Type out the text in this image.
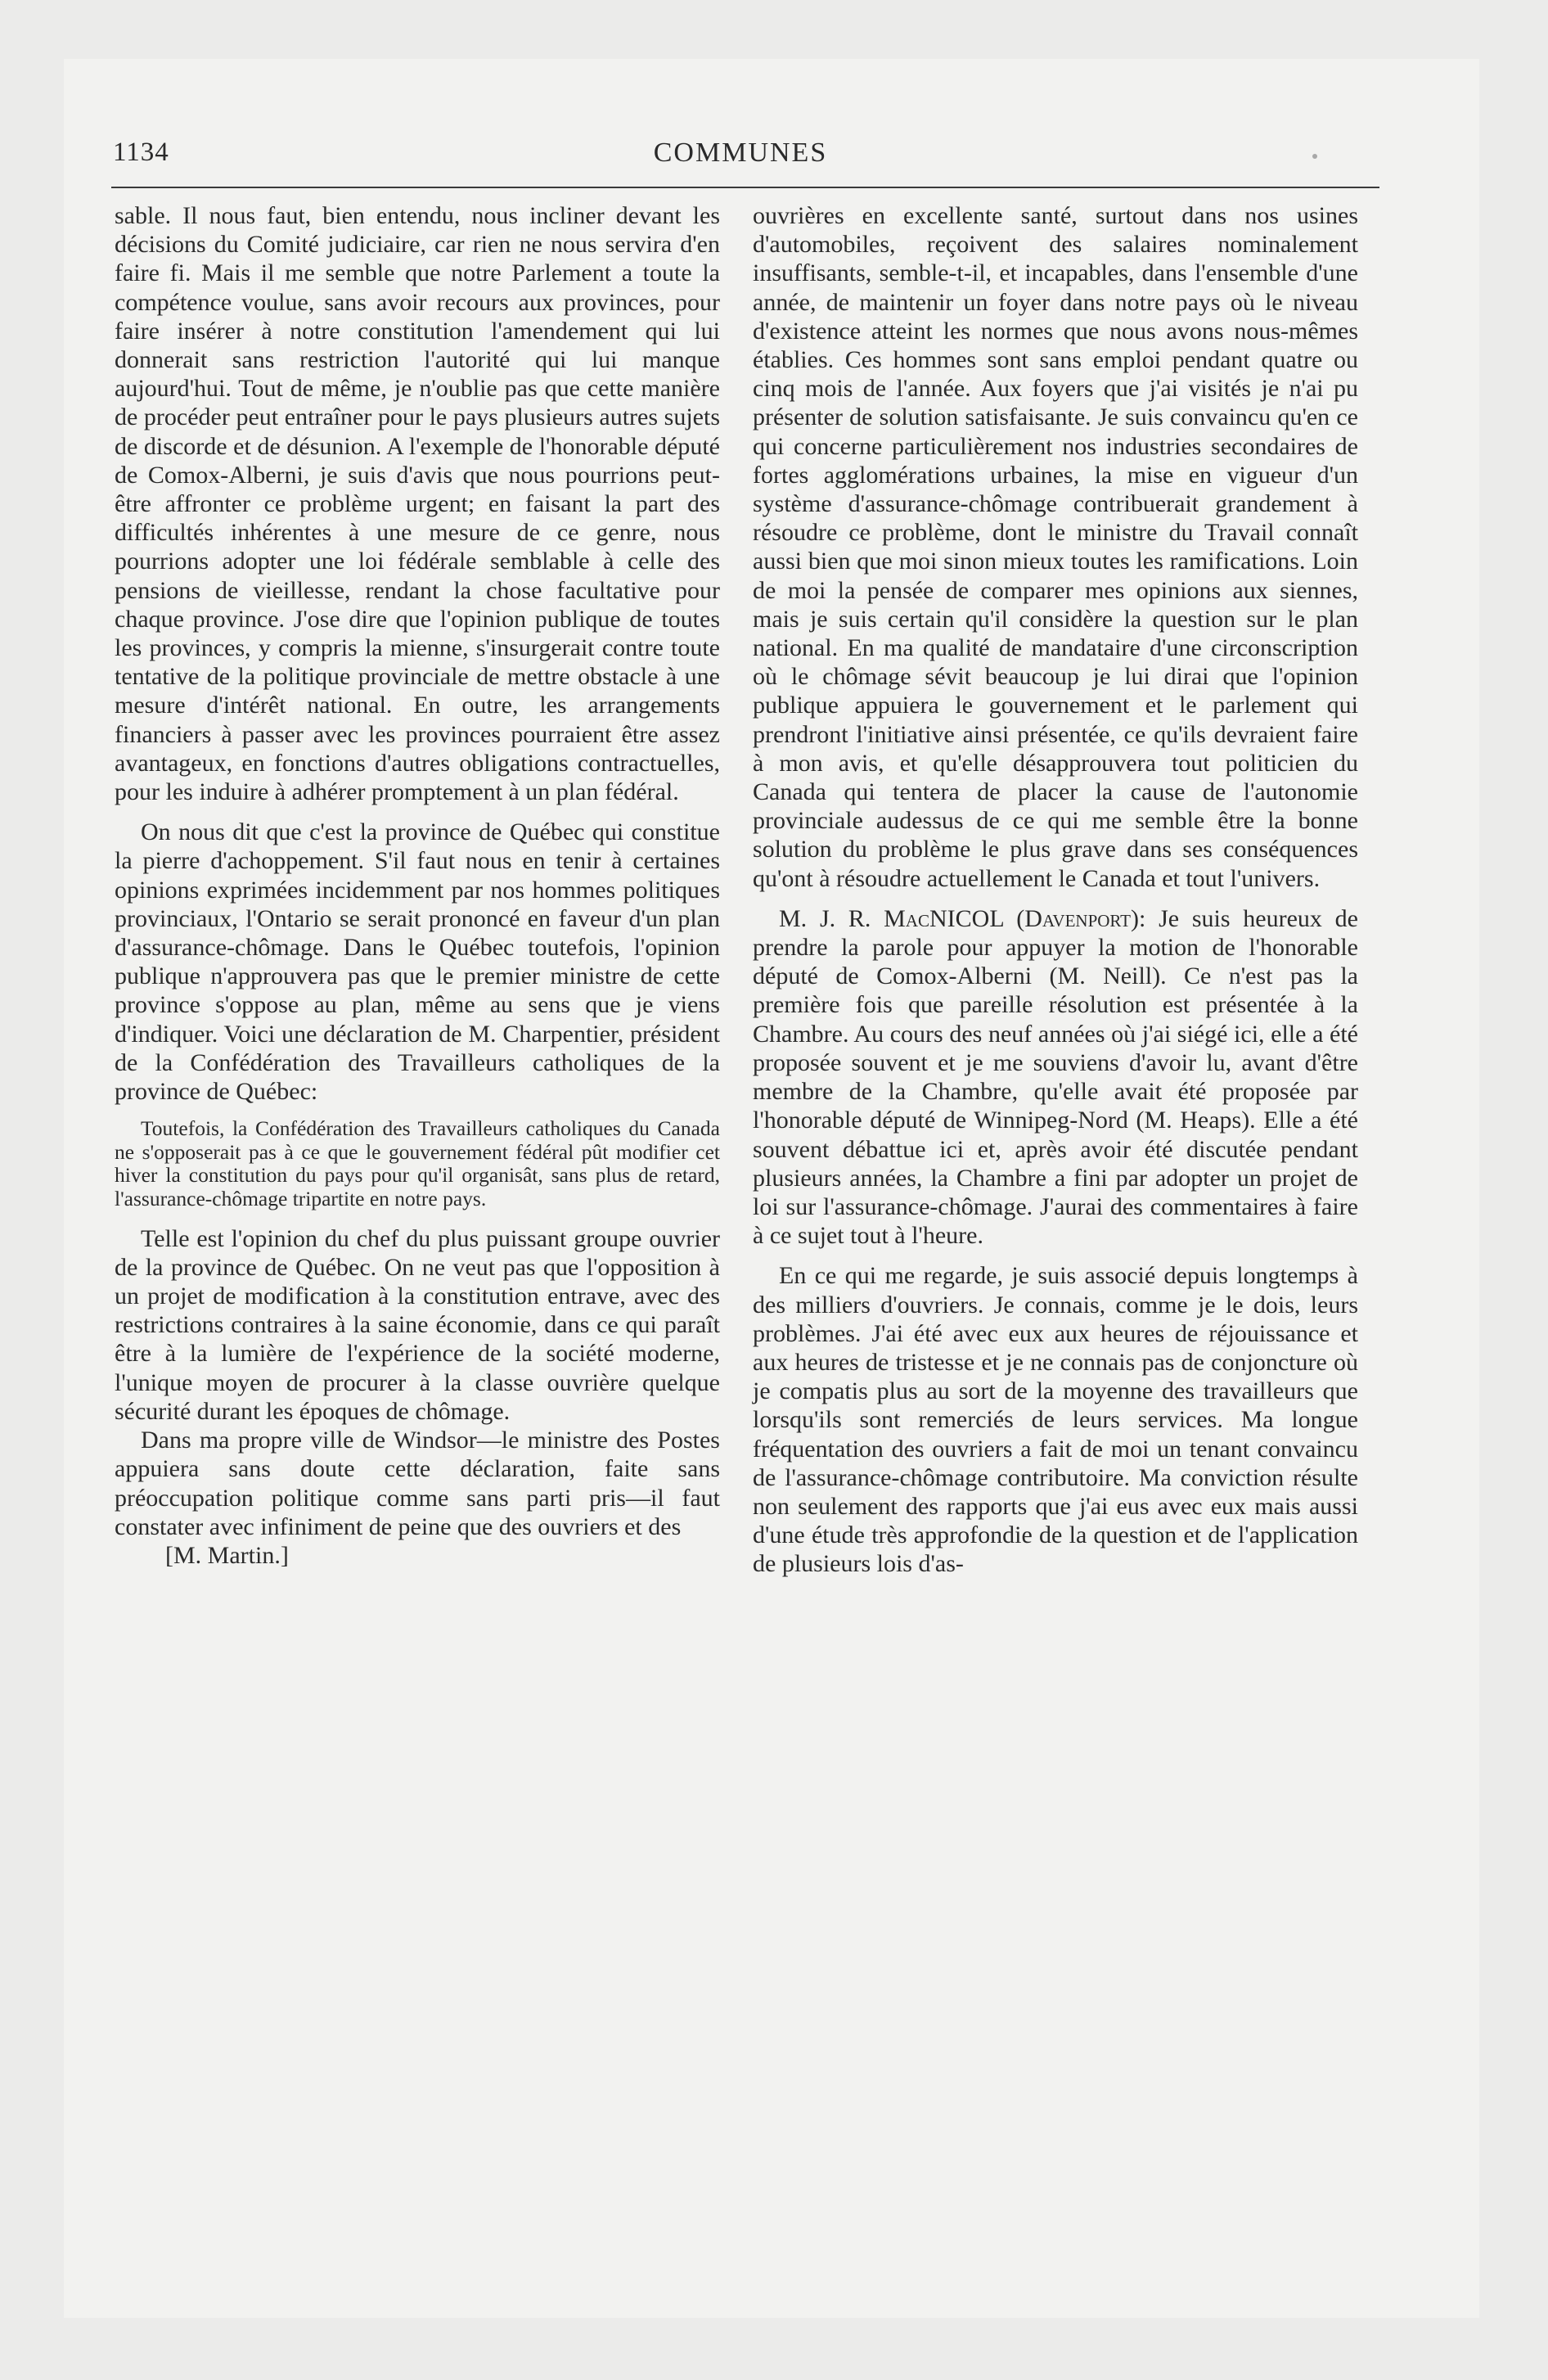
1134	COMMUNES

sable. Il nous faut, bien entendu, nous incliner devant les décisions du Comité judiciaire, car rien ne nous servira d'en faire fi. Mais il me semble que notre Parlement a toute la compétence voulue, sans avoir recours aux provinces, pour faire insérer à notre constitution l'amendement qui lui donnerait sans restriction l'autorité qui lui manque aujourd'hui. Tout de même, je n'oublie pas que cette manière de procéder peut entraîner pour le pays plusieurs autres sujets de discorde et de désunion. A l'exemple de l'honorable député de Comox-Alberni, je suis d'avis que nous pourrions peut-être affronter ce problème urgent; en faisant la part des difficultés inhérentes à une mesure de ce genre, nous pourrions adopter une loi fédérale semblable à celle des pensions de vieillesse, rendant la chose facultative pour chaque province. J'ose dire que l'opinion publique de toutes les provinces, y compris la mienne, s'insurgerait contre toute tentative de la politique provinciale de mettre obstacle à une mesure d'intérêt national. En outre, les arrangements financiers à passer avec les provinces pourraient être assez avantageux, en fonctions d'autres obligations contractuelles, pour les induire à adhérer promptement à un plan fédéral.

On nous dit que c'est la province de Québec qui constitue la pierre d'achoppement. S'il faut nous en tenir à certaines opinions exprimées incidemment par nos hommes politiques provinciaux, l'Ontario se serait prononcé en faveur d'un plan d'assurance-chômage. Dans le Québec toutefois, l'opinion publique n'approuvera pas que le premier ministre de cette province s'oppose au plan, même au sens que je viens d'indiquer. Voici une déclaration de M. Charpentier, président de la Confédération des Travailleurs catholiques de la province de Québec:

Toutefois, la Confédération des Travailleurs catholiques du Canada ne s'opposerait pas à ce que le gouvernement fédéral pût modifier cet hiver la constitution du pays pour qu'il organisât, sans plus de retard, l'assurance-chômage tripartite en notre pays.

Telle est l'opinion du chef du plus puissant groupe ouvrier de la province de Québec. On ne veut pas que l'opposition à un projet de modification à la constitution entrave, avec des restrictions contraires à la saine économie, dans ce qui paraît être à la lumière de l'expérience de la société moderne, l'unique moyen de procurer à la classe ouvrière quelque sécurité durant les époques de chômage.

Dans ma propre ville de Windsor—le ministre des Postes appuiera sans doute cette déclaration, faite sans préoccupation politique comme sans parti pris—il faut constater avec infiniment de peine que des ouvriers et des

[M. Martin.]

ouvrières en excellente santé, surtout dans nos usines d'automobiles, reçoivent des salaires nominalement insuffisants, semble-t-il, et incapables, dans l'ensemble d'une année, de maintenir un foyer dans notre pays où le niveau d'existence atteint les normes que nous avons nous-mêmes établies. Ces hommes sont sans emploi pendant quatre ou cinq mois de l'année. Aux foyers que j'ai visités je n'ai pu présenter de solution satisfaisante. Je suis convaincu qu'en ce qui concerne particulièrement nos industries secondaires de fortes agglomérations urbaines, la mise en vigueur d'un système d'assurance-chômage contribuerait grandement à résoudre ce problème, dont le ministre du Travail connaît aussi bien que moi sinon mieux toutes les ramifications. Loin de moi la pensée de comparer mes opinions aux siennes, mais je suis certain qu'il considère la question sur le plan national. En ma qualité de mandataire d'une circonscription où le chômage sévit beaucoup je lui dirai que l'opinion publique appuiera le gouvernement et le parlement qui prendront l'initiative ainsi présentée, ce qu'ils devraient faire à mon avis, et qu'elle désapprouvera tout politicien du Canada qui tentera de placer la cause de l'autonomie provinciale audessus de ce qui me semble être la bonne solution du problème le plus grave dans ses conséquences qu'ont à résoudre actuellement le Canada et tout l'univers.

M. J. R. MacNICOL (Davenport): Je suis heureux de prendre la parole pour appuyer la motion de l'honorable député de Comox-Alberni (M. Neill). Ce n'est pas la première fois que pareille résolution est présentée à la Chambre. Au cours des neuf années où j'ai siégé ici, elle a été proposée souvent et je me souviens d'avoir lu, avant d'être membre de la Chambre, qu'elle avait été proposée par l'honorable député de Winnipeg-Nord (M. Heaps). Elle a été souvent débattue ici et, après avoir été discutée pendant plusieurs années, la Chambre a fini par adopter un projet de loi sur l'assurance-chômage. J'aurai des commentaires à faire à ce sujet tout à l'heure.

En ce qui me regarde, je suis associé depuis longtemps à des milliers d'ouvriers. Je connais, comme je le dois, leurs problèmes. J'ai été avec eux aux heures de réjouissance et aux heures de tristesse et je ne connais pas de conjoncture où je compatis plus au sort de la moyenne des travailleurs que lorsqu'ils sont remerciés de leurs services. Ma longue fréquentation des ouvriers a fait de moi un tenant convaincu de l'assurance-chômage contributoire. Ma conviction résulte non seulement des rapports que j'ai eus avec eux mais aussi d'une étude très approfondie de la question et de l'application de plusieurs lois d'as-
